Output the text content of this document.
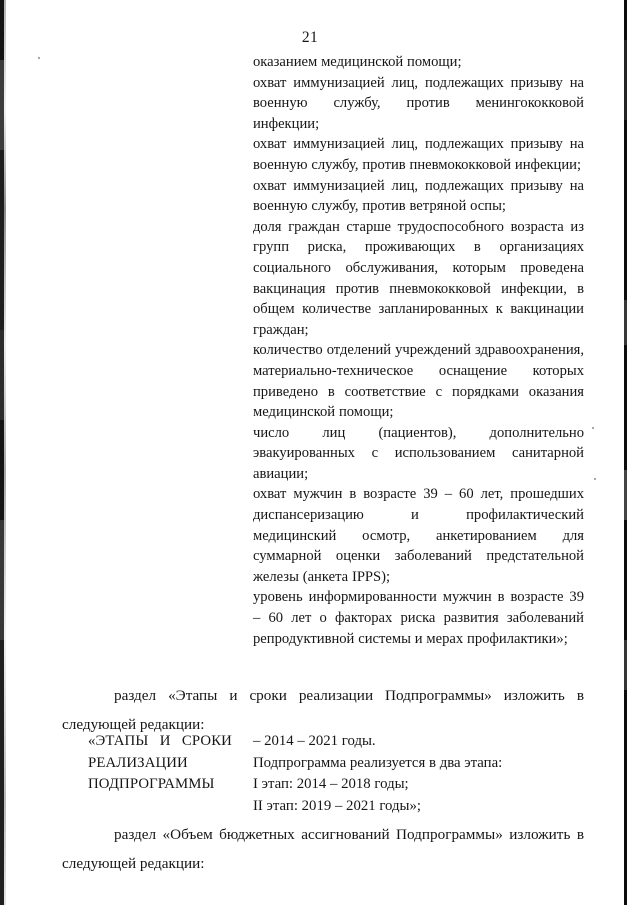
21

оказанием медицинской помощи;

охват иммунизацией лиц, подлежащих призыву на военную службу, против менингококковой инфекции;

охват иммунизацией лиц, подлежащих призыву на военную службу, против пневмококковой инфекции;

охват иммунизацией лиц, подлежащих призыву на военную службу, против ветряной оспы;

доля граждан старше трудоспособного возраста из групп риска, проживающих в организациях социального обслуживания, которым проведена вакцинация против пневмококковой инфекции, в общем количестве запланированных к вакцинации граждан;

количество отделений учреждений здравоохранения, материально-техническое оснащение которых приведено в соответствие с порядками оказания медицинской помощи;

число лиц (пациентов), дополнительно эвакуированных с использованием санитарной авиации;

охват мужчин в возрасте 39 – 60 лет, прошедших диспансеризацию и профилактический медицинский осмотр, анкетированием для суммарной оценки заболеваний предстательной железы (анкета IPPS);

уровень информированности мужчин в возрасте 39 – 60 лет о факторах риска развития заболеваний репродуктивной системы и мерах профилактики»;

раздел «Этапы и сроки реализации Подпрограммы» изложить в следующей редакции:
«ЭТАПЫ   И   СРОКИ	– 2014 – 2021 годы.
РЕАЛИЗАЦИИ	Подпрограмма реализуется в два этапа:
ПОДПРОГРАММЫ	I этап: 2014 – 2018 годы;
II этап: 2019 – 2021 годы»;
раздел «Объем бюджетных ассигнований Подпрограммы» изложить в следующей редакции:
